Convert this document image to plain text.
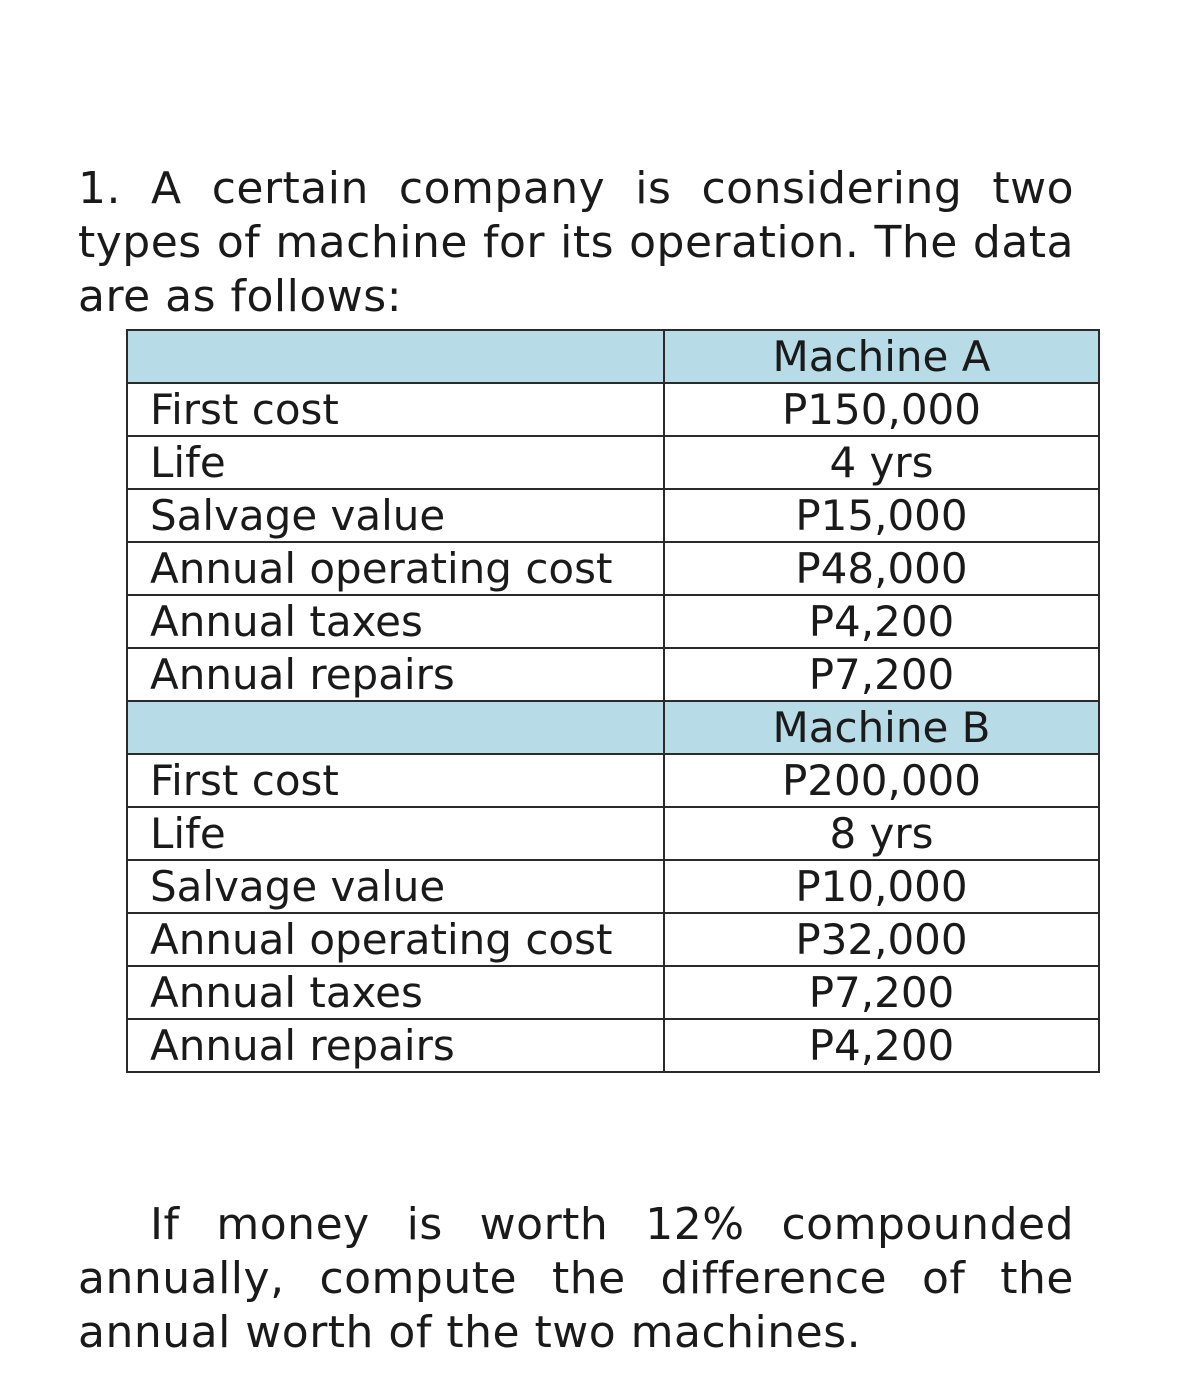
1. A certain company is considering two types of machine for its operation. The data are as follows:

	Machine A
First cost	P150,000
Life	4 yrs
Salvage value	P15,000
Annual operating cost	P48,000
Annual taxes	P4,200
Annual repairs	P7,200
	Machine B
First cost	P200,000
Life	8 yrs
Salvage value	P10,000
Annual operating cost	P32,000
Annual taxes	P7,200
Annual repairs	P4,200

If money is worth 12% compounded annually, compute the difference of the annual worth of the two machines.
